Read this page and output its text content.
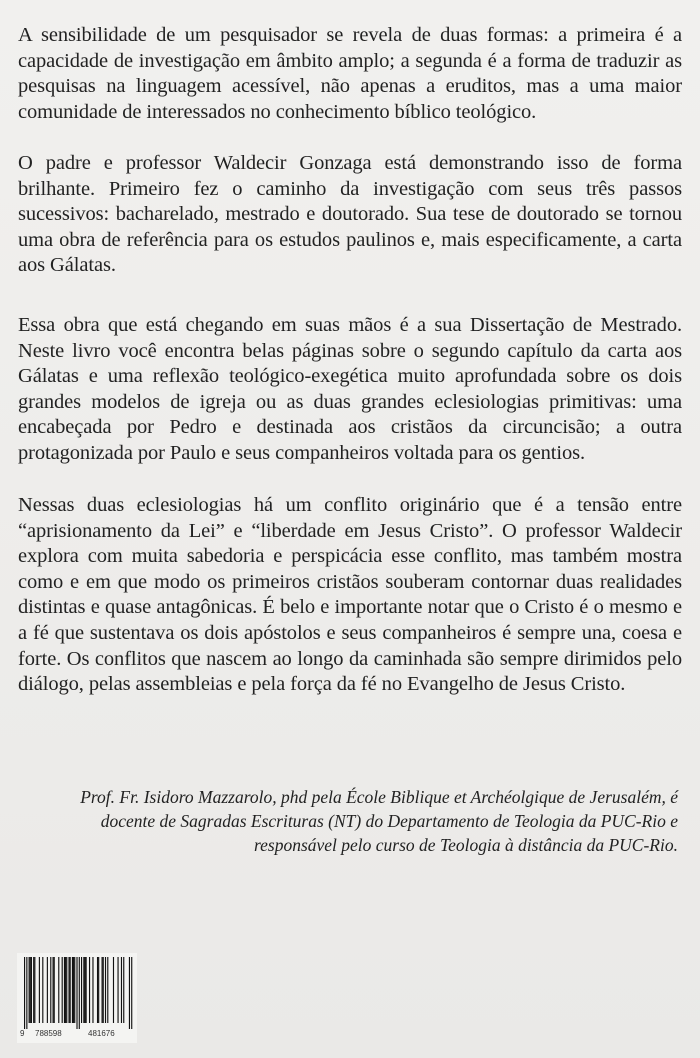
A sensibilidade de um pesquisador se revela de duas formas: a primeira é a capacidade de investigação em âmbito amplo; a segunda é a forma de traduzir as pesquisas na linguagem acessível, não apenas a eruditos, mas a uma maior comunidade de interessados no conhecimento bíblico teológico.

O padre e professor Waldecir Gonzaga está demonstrando isso de forma brilhante. Primeiro fez o caminho da investigação com seus três passos sucessivos: bacharelado, mestrado e doutorado. Sua tese de doutorado se tornou uma obra de referência para os estudos paulinos e, mais especificamente, a carta aos Gálatas.

Essa obra que está chegando em suas mãos é a sua Dissertação de Mestrado. Neste livro você encontra belas páginas sobre o segundo capítulo da carta aos Gálatas e uma reflexão teológico-exegética muito aprofundada sobre os dois grandes modelos de igreja ou as duas grandes eclesiologias primitivas: uma encabeçada por Pedro e destinada aos cristãos da circuncisão; a outra protagonizada por Paulo e seus companheiros voltada para os gentios.

Nessas duas eclesiologias há um conflito originário que é a tensão entre “aprisionamento da Lei” e “liberdade em Jesus Cristo”. O professor Waldecir explora com muita sabedoria e perspicácia esse conflito, mas também mostra como e em que modo os primeiros cristãos souberam contornar duas realidades distintas e quase antagônicas. É belo e importante notar que o Cristo é o mesmo e a fé que sustentava os dois apóstolos e seus companheiros é sempre una, coesa e forte. Os conflitos que nascem ao longo da caminhada são sempre dirimidos pelo diálogo, pelas assembleias e pela força da fé no Evangelho de Jesus Cristo.

Prof. Fr. Isidoro Mazzarolo, phd pela École Biblique et Archéolgique de Jerusalém, é
docente de Sagradas Escrituras (NT) do Departamento de Teologia da PUC-Rio e
responsável pelo curso de Teologia à distância da PUC-Rio.
9 788598	481676
